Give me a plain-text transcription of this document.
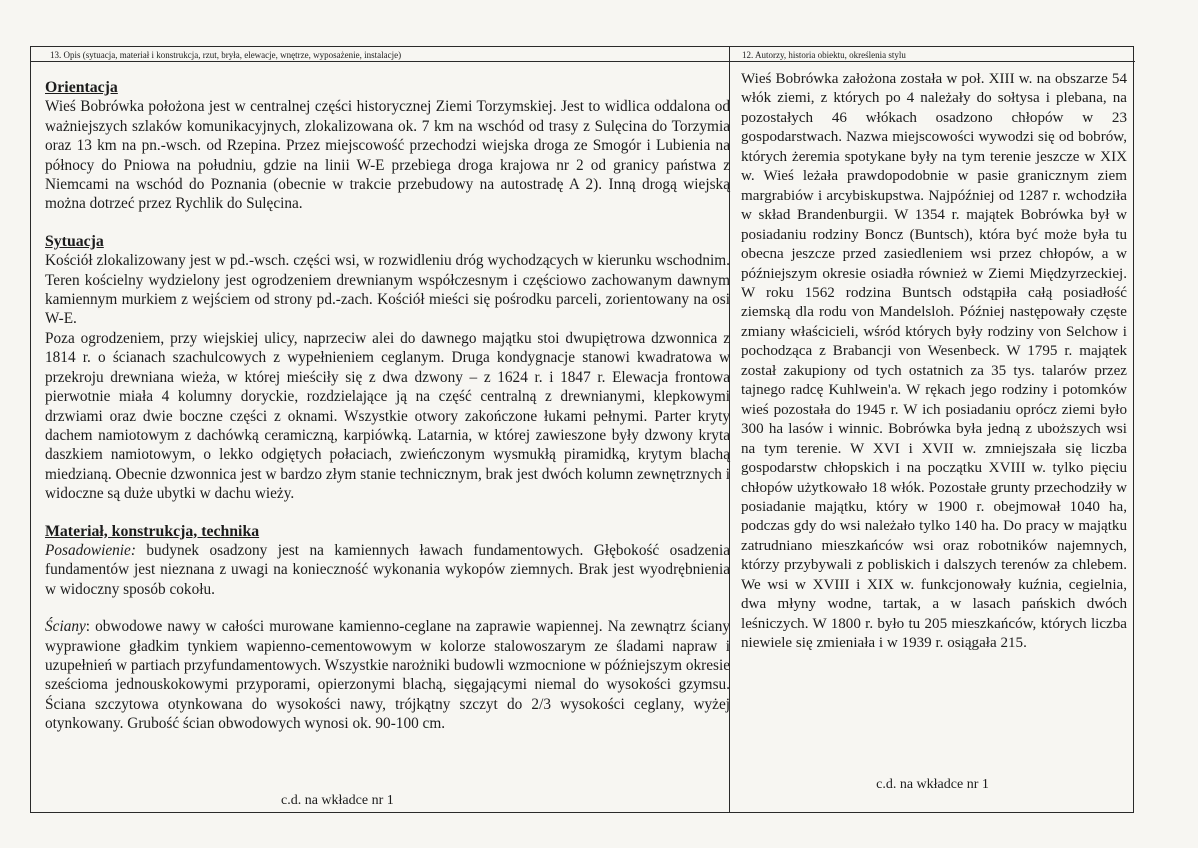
13. Opis (sytuacja, materiał i konstrukcja, rzut, bryła, elewacje, wnętrze, wyposażenie, instalacje)

Orientacja

Wieś Bobrówka położona jest w centralnej części historycznej Ziemi Torzymskiej. Jest to widlica oddalona od ważniejszych szlaków komunikacyjnych, zlokalizowana ok. 7 km na wschód od trasy z Sulęcina do Torzymia oraz 13 km na pn.-wsch. od Rzepina. Przez miejscowość przechodzi wiejska droga ze Smogór i Lubienia na północy do Pniowa na południu, gdzie na linii W-E przebiega droga krajowa nr 2 od granicy państwa z Niemcami na wschód do Poznania (obecnie w trakcie przebudowy na autostradę A 2). Inną drogą wiejską można dotrzeć przez Rychlik do Sulęcina.

Sytuacja

Kościół zlokalizowany jest w pd.-wsch. części wsi, w rozwidleniu dróg wychodzących w kierunku wschodnim. Teren kościelny wydzielony jest ogrodzeniem drewnianym współczesnym i częściowo zachowanym dawnym kamiennym murkiem z wejściem od strony pd.-zach. Kościół mieści się pośrodku parceli, zorientowany na osi W-E.

Poza ogrodzeniem, przy wiejskiej ulicy, naprzeciw alei do dawnego majątku stoi dwupiętrowa dzwonnica z 1814 r. o ścianach szachulcowych z wypełnieniem ceglanym. Druga kondygnacje stanowi kwadratowa w przekroju drewniana wieża, w której mieściły się z dwa dzwony – z 1624 r. i 1847 r. Elewacja frontowa pierwotnie miała 4 kolumny doryckie, rozdzielające ją na część centralną z drewnianymi, klepkowymi drzwiami oraz dwie boczne części z oknami. Wszystkie otwory zakończone łukami pełnymi. Parter kryty dachem namiotowym z dachówką ceramiczną, karpiówką. Latarnia, w której zawieszone były dzwony kryta daszkiem namiotowym, o lekko odgiętych połaciach, zwieńczonym wysmukłą piramidką, krytym blachą miedzianą. Obecnie dzwonnica jest w bardzo złym stanie technicznym, brak jest dwóch kolumn zewnętrznych i widoczne są duże ubytki w dachu wieży.

Materiał, konstrukcja, technika

Posadowienie: budynek osadzony jest na kamiennych ławach fundamentowych. Głębokość osadzenia fundamentów jest nieznana z uwagi na konieczność wykonania wykopów ziemnych. Brak jest wyodrębnienia w widoczny sposób cokołu.

Ściany: obwodowe nawy w całości murowane kamienno-ceglane na zaprawie wapiennej. Na zewnątrz ściany wyprawione gładkim tynkiem wapienno-cementowowym w kolorze stalowoszarym ze śladami napraw i uzupełnień w partiach przyfundamentowych. Wszystkie narożniki budowli wzmocnione w późniejszym okresie sześcioma jednouskokowymi przyporami, opierzonymi blachą, sięgającymi niemal do wysokości gzymsu. Ściana szczytowa otynkowana do wysokości nawy, trójkątny szczyt do 2/3 wysokości ceglany, wyżej otynkowany. Grubość ścian obwodowych wynosi ok. 90-100 cm.

c.d. na wkładce nr 1
12. Autorzy, historia obiektu, określenia stylu
Wieś Bobrówka założona została w poł. XIII w. na obszarze 54 włók ziemi, z których po 4 należały do sołtysa i plebana, na pozostałych 46 włókach osadzono chłopów w 23 gospodarstwach. Nazwa miejscowości wywodzi się od bobrów, których żeremia spotykane były na tym terenie jeszcze w XIX w. Wieś leżała prawdopodobnie w pasie granicznym ziem margrabiów i arcybiskupstwa. Najpóźniej od 1287 r. wchodziła w skład Brandenburgii. W 1354 r. majątek Bobrówka był w posiadaniu rodziny Boncz (Buntsch), która być może była tu obecna jeszcze przed zasiedleniem wsi przez chłopów, a w późniejszym okresie osiadła również w Ziemi Międzyrzeckiej. W roku 1562 rodzina Buntsch odstąpiła całą posiadłość ziemską dla rodu von Mandelsloh. Później następowały częste zmiany właścicieli, wśród których były rodziny von Selchow i pochodząca z Brabancji von Wesenbeck. W 1795 r. majątek został zakupiony od tych ostatnich za 35 tys. talarów przez tajnego radcę Kuhlwein'a. W rękach jego rodziny i potomków wieś pozostała do 1945 r. W ich posiadaniu oprócz ziemi było 300 ha lasów i winnic. Bobrówka była jedną z uboższych wsi na tym terenie. W XVI i XVII w. zmniejszała się liczba gospodarstw chłopskich i na początku XVIII w. tylko pięciu chłopów użytkowało 18 włók. Pozostałe grunty przechodziły w posiadanie majątku, który w 1900 r. obejmował 1040 ha, podczas gdy do wsi należało tylko 140 ha. Do pracy w majątku zatrudniano mieszkańców wsi oraz robotników najemnych, którzy przybywali z pobliskich i dalszych terenów za chlebem. We wsi w XVIII i XIX w. funkcjonowały kuźnia, cegielnia, dwa młyny wodne, tartak, a w lasach pańskich dwóch leśniczych. W 1800 r. było tu 205 mieszkańców, których liczba niewiele się zmieniała i w 1939 r. osiągała 215.
c.d. na wkładce nr 1
